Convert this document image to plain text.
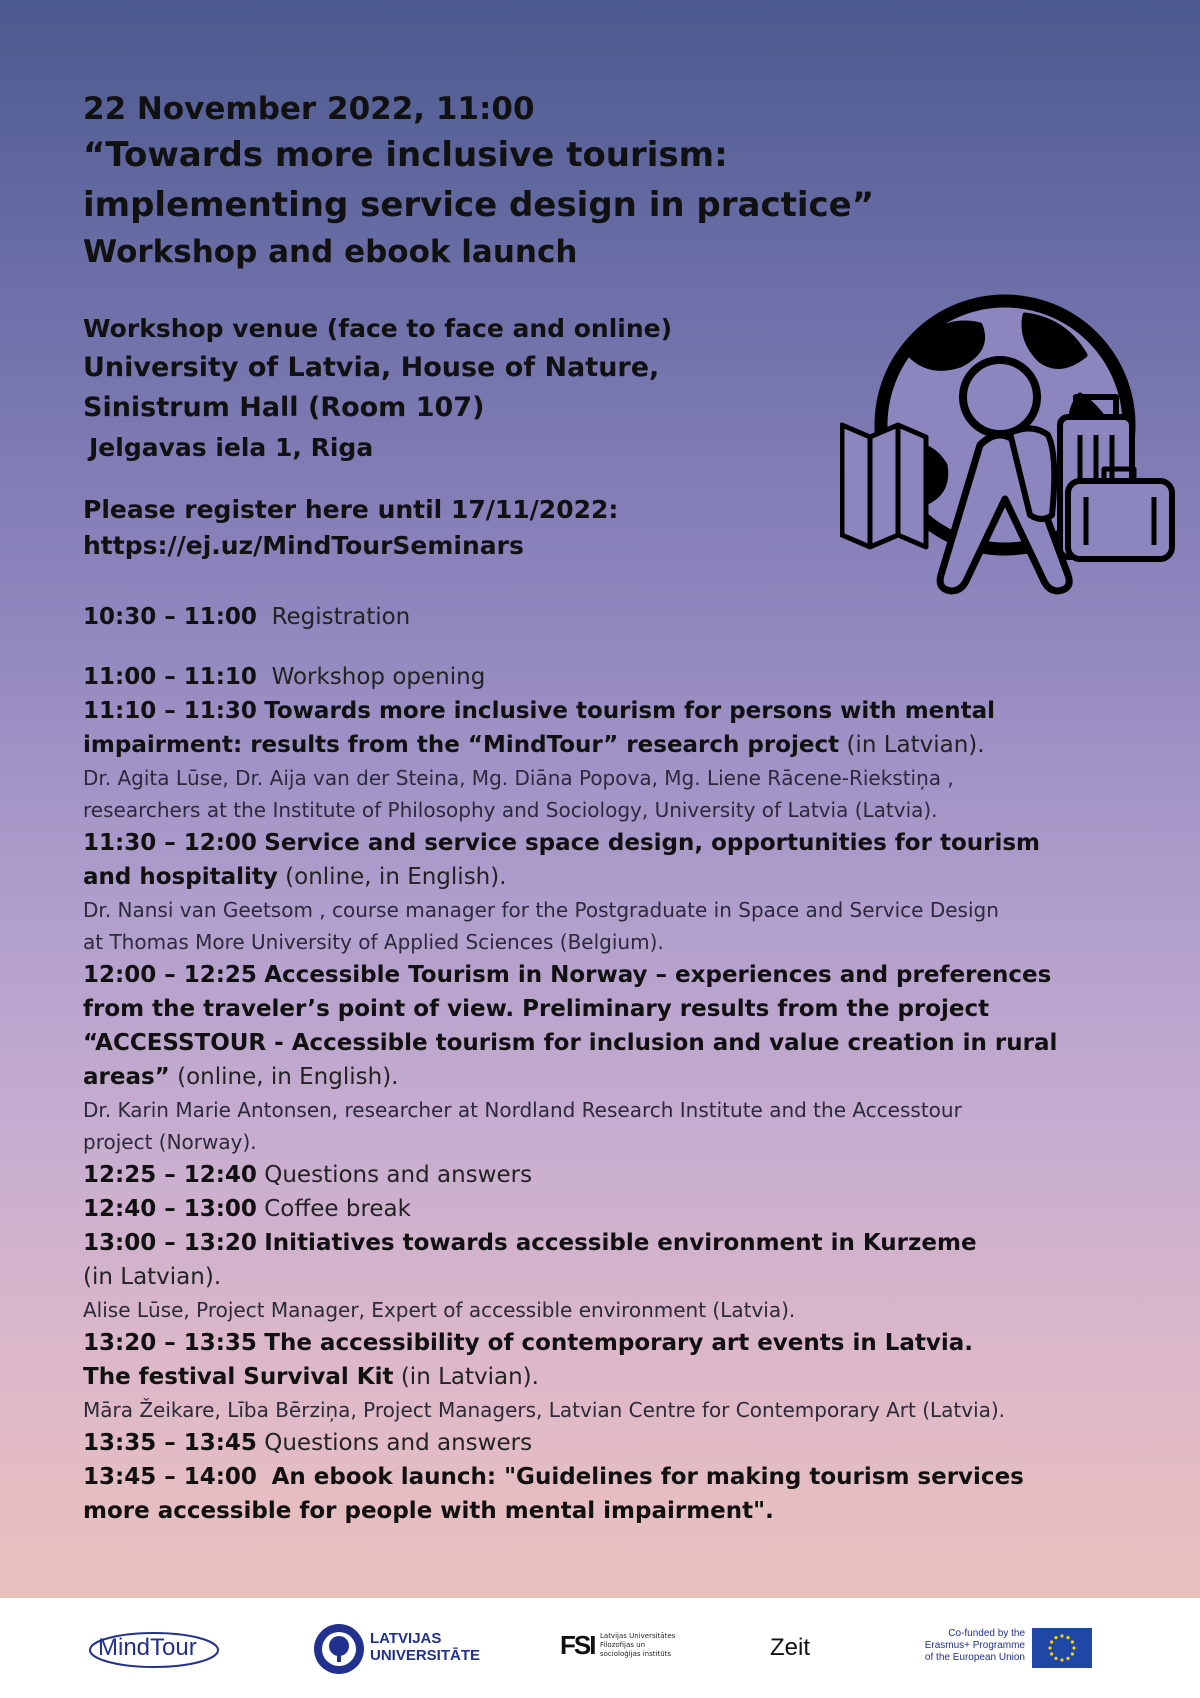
22 November 2022, 11:00

“Towards more inclusive tourism:

implementing service design in practice”

Workshop and ebook launch

Workshop venue (face to face and online)

University of Latvia, House of Nature,

Sinistrum Hall (Room 107)

Jelgavas iela 1, Riga

Please register here until 17/11/2022:

https://ej.uz/MindTourSeminars

10:30 – 11:00 Registration

11:00 – 11:10 Workshop opening

11:10 – 11:30 Towards more inclusive tourism for persons with mental
impairment: results from the “MindTour” research project (in Latvian).

Dr. Agita Lūse, Dr. Aija van der Steina, Mg. Diāna Popova, Mg. Liene Rācene-Riekstiņa ,

researchers at the Institute of Philosophy and Sociology, University of Latvia (Latvia).

11:30 – 12:00 Service and service space design, opportunities for tourism
and hospitality (online, in English).

Dr. Nansi van Geetsom , course manager for the Postgraduate in Space and Service Design

at Thomas More University of Applied Sciences (Belgium).

12:00 – 12:25 Accessible Tourism in Norway – experiences and preferences
from the traveler’s point of view. Preliminary results from the project
“ACCESSTOUR - Accessible tourism for inclusion and value creation in rural
areas” (online, in English).

Dr. Karin Marie Antonsen, researcher at Nordland Research Institute and the Accesstour

project (Norway).

12:25 – 12:40 Questions and answers

12:40 – 13:00 Coffee break

13:00 – 13:20 Initiatives towards accessible environment in Kurzeme
(in Latvian).

Alise Lūse, Project Manager, Expert of accessible environment (Latvia).

13:20 – 13:35 The accessibility of contemporary art events in Latvia.
The festival Survival Kit (in Latvian).

Māra Žeikare, Lība Bērziņa, Project Managers, Latvian Centre for Contemporary Art (Latvia).

13:35 – 13:45 Questions and answers

13:45 – 14:00 An ebook launch: "Guidelines for making tourism services
more accessible for people with mental impairment".

MindTour	LATVIJAS
UNIVERSITĀTE	FSI Latvijas Universitātes
Filozofijas un
socioloģijas institūts	Zeit
Co-funded by the
Erasmus+ Programme
of the European Union
